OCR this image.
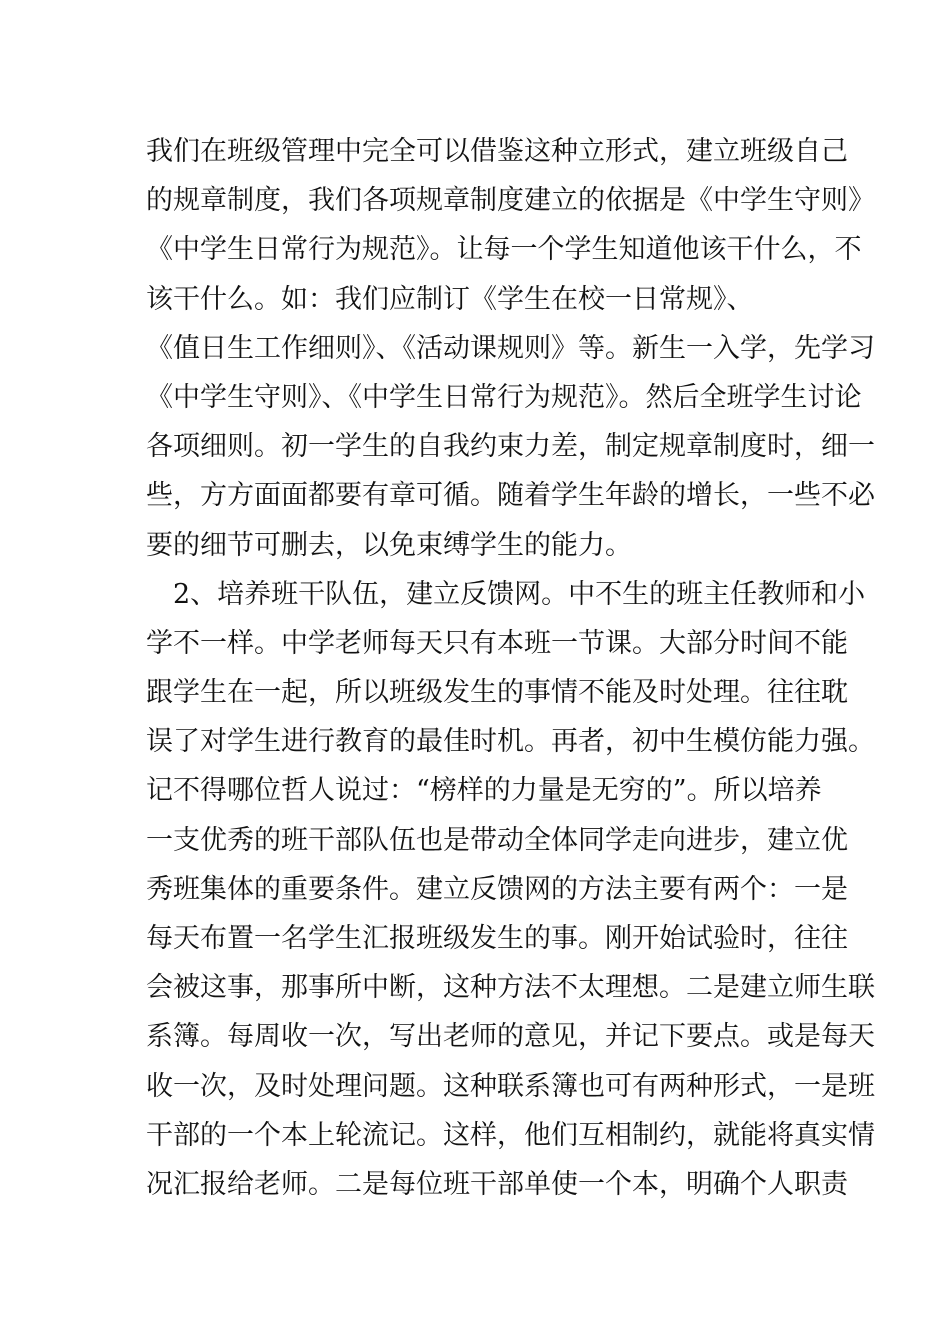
我们在班级管理中完全可以借鉴这种立形式，建立班级自己
的规章制度，我们各项规章制度建立的依据是《中学生守则》
《中学生日常行为规范》。让每一个学生知道他该干什么，不
该干什么。如：我们应制订《学生在校一日常规》、
《值日生工作细则》、《活动课规则》等。新生一入学，先学习
《中学生守则》、《中学生日常行为规范》。然后全班学生讨论
各项细则。初一学生的自我约束力差，制定规章制度时，细一
些，方方面面都要有章可循。随着学生年龄的增长，一些不必
要的细节可删去，以免束缚学生的能力。
2、培养班干队伍，建立反馈网。中不生的班主任教师和小
学不一样。中学老师每天只有本班一节课。大部分时间不能
跟学生在一起，所以班级发生的事情不能及时处理。往往耽
误了对学生进行教育的最佳时机。再者，初中生模仿能力强。
记不得哪位哲人说过：“榜样的力量是无穷的”。所以培养
一支优秀的班干部队伍也是带动全体同学走向进步，建立优
秀班集体的重要条件。建立反馈网的方法主要有两个：一是
每天布置一名学生汇报班级发生的事。刚开始试验时，往往
会被这事，那事所中断，这种方法不太理想。二是建立师生联
系簿。每周收一次，写出老师的意见，并记下要点。或是每天
收一次，及时处理问题。这种联系簿也可有两种形式，一是班
干部的一个本上轮流记。这样，他们互相制约，就能将真实情
况汇报给老师。二是每位班干部单使一个本，明确个人职责
